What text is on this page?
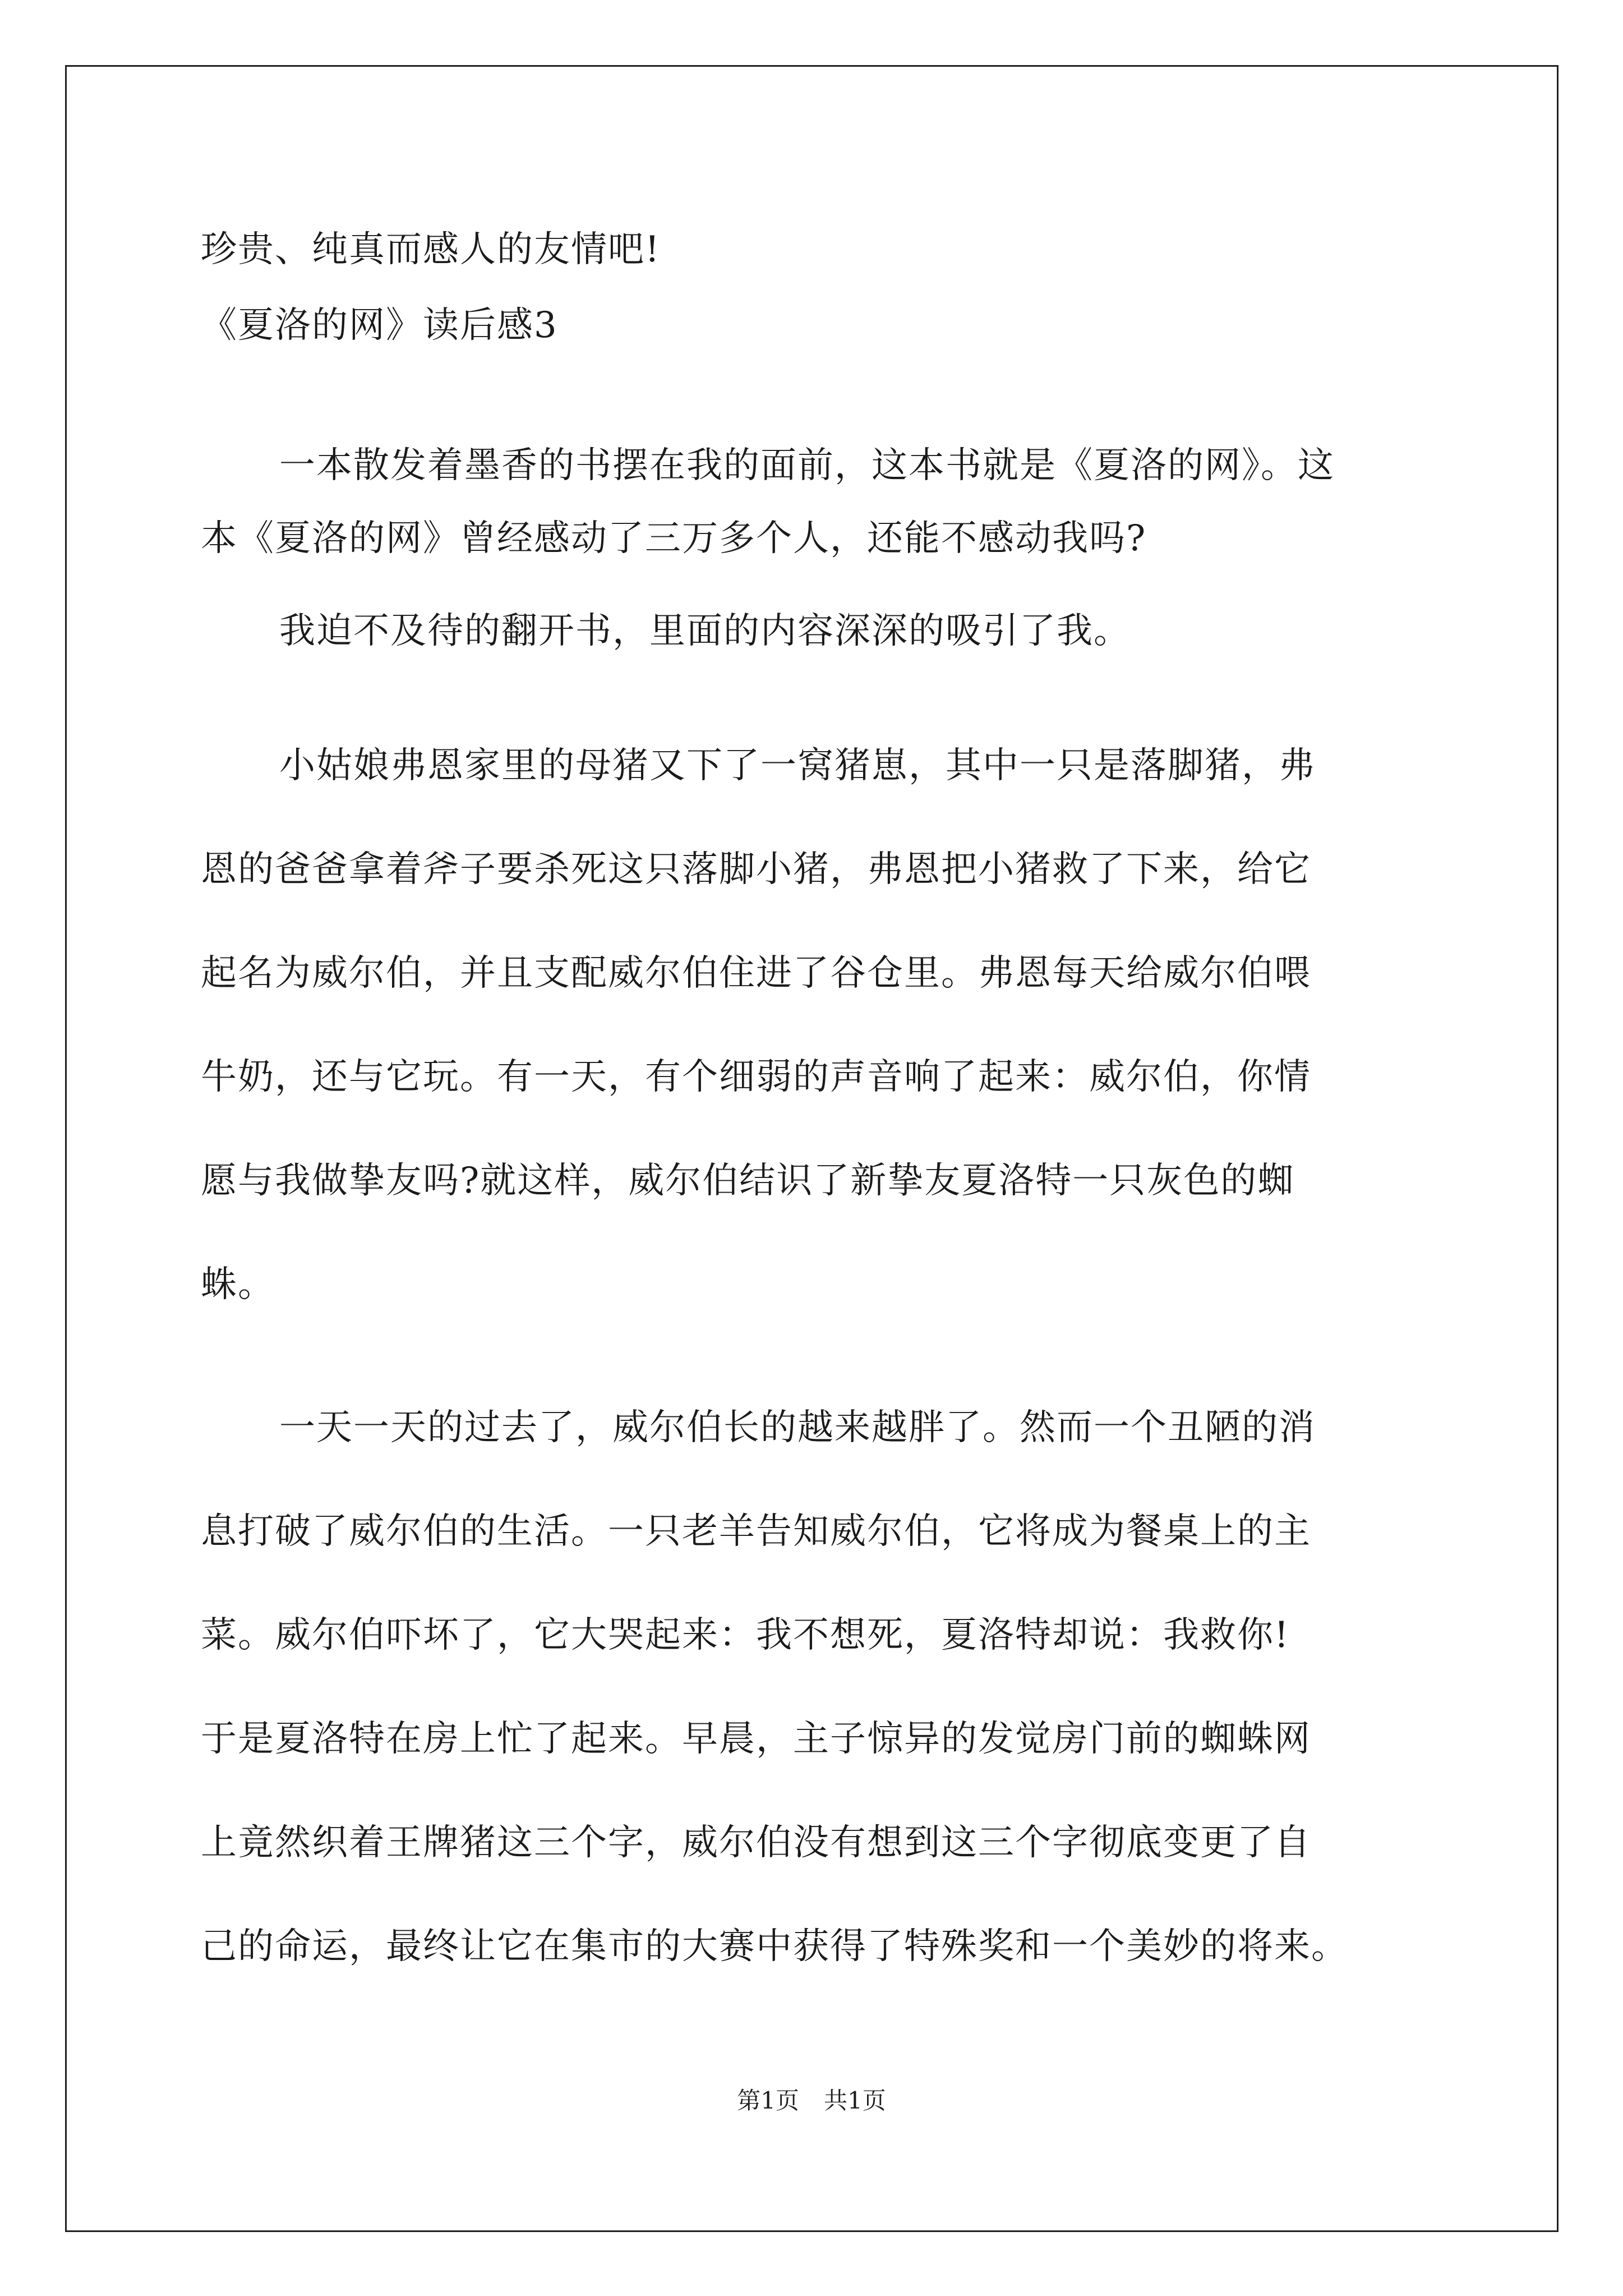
珍贵、纯真而感人的友情吧!
《夏洛的网》读后感3
一本散发着墨香的书摆在我的面前，这本书就是《夏洛的网》。这
本《夏洛的网》曾经感动了三万多个人，还能不感动我吗?
我迫不及待的翻开书，里面的内容深深的吸引了我。
小姑娘弗恩家里的母猪又下了一窝猪崽，其中一只是落脚猪，弗
恩的爸爸拿着斧子要杀死这只落脚小猪，弗恩把小猪救了下来，给它
起名为威尔伯，并且支配威尔伯住进了谷仓里。弗恩每天给威尔伯喂
牛奶，还与它玩。有一天，有个细弱的声音响了起来：威尔伯，你情
愿与我做挚友吗?就这样，威尔伯结识了新挚友夏洛特一只灰色的蜘
蛛。
一天一天的过去了，威尔伯长的越来越胖了。然而一个丑陋的消
息打破了威尔伯的生活。一只老羊告知威尔伯，它将成为餐桌上的主
菜。威尔伯吓坏了，它大哭起来：我不想死，夏洛特却说：我救你!
于是夏洛特在房上忙了起来。早晨，主子惊异的发觉房门前的蜘蛛网
上竟然织着王牌猪这三个字，威尔伯没有想到这三个字彻底变更了自
己的命运，最终让它在集市的大赛中获得了特殊奖和一个美妙的将来。
第1页 共1页
